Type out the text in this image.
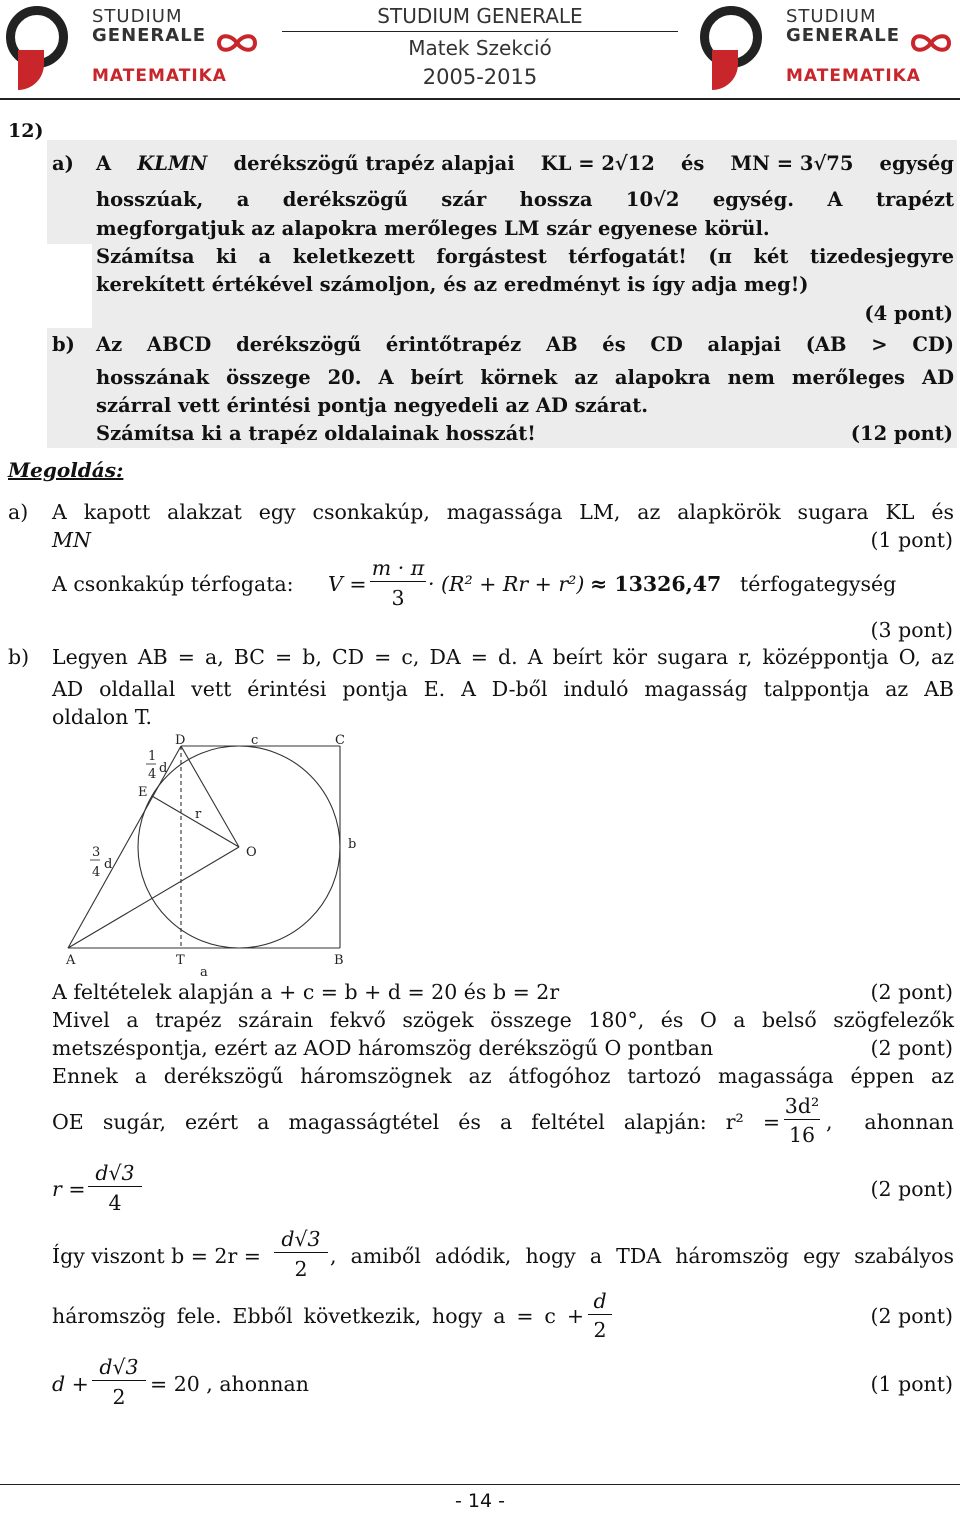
STUDIUM
GENERALE
MATEMATIKA
STUDIUM GENERALE
Matek Szekció
2005-2015
STUDIUM
GENERALE
MATEMATIKA
12)
a) A KLMN derékszögű trapéz alapjai KL = 2√12 és MN = 3√75 egység
hosszúak, a derékszögű szár hossza 10√2 egység. A trapézt
megforgatjuk az alapokra merőleges LM szár egyenese körül.
Számítsa ki a keletkezett forgástest térfogatát! (π két tizedesjegyre
kerekített értékével számoljon, és az eredményt is így adja meg!)
(4 pont)
b) Az ABCD derékszögű érintőtrapéz AB és CD alapjai (AB > CD)
hosszának összege 20. A beírt körnek az alapokra nem merőleges AD
szárral vett érintési pontja negyedeli az AD szárat.
Számítsa ki a trapéz oldalainak hosszát!	(12 pont)
Megoldás:
a) A kapott alakzat egy csonkakúp, magassága LM, az alapkörök sugara KL és
MN	(1 pont)
A csonkakúp térfogata: $V = \frac{m \cdot \pi}{3} \cdot (R^2 + Rr + r^2) \approx 13326,47$ térfogategység
(3 pont)
b) Legyen AB = a, BC = b, CD = c, DA = d. A beírt kör sugara r, középpontja O, az
AD oldallal vett érintési pontja E. A D-ből induló magasság talppontja az AB
oldalon T.
D	c	C
1
4 d
E
r
O
3
4
d
b
A	T	B
a
A feltételek alapján a + c = b + d = 20 és b = 2r	(2 pont)
Mivel a trapéz szárain fekvő szögek összege 180°, és O a belső szögfelezők
metszéspontja, ezért az AOD háromszög derékszögű O pontban	(2 pont)
Ennek a derékszögű háromszögnek az átfogóhoz tartozó magassága éppen az
OE sugár, ezért a magasságtétel és a feltétel alapján: r² =
3d²
16
, ahonnan
r =
d√3
4
(2 pont)
Így viszont b = 2r =
d√3
2
, amiből adódik, hogy a TDA háromszög egy szabályos
háromszög fele. Ebből következik, hogy a = c +
d
2
(2 pont)
d +
d√3
2
= 20 , ahonnan	(1 pont)
- 14 -
